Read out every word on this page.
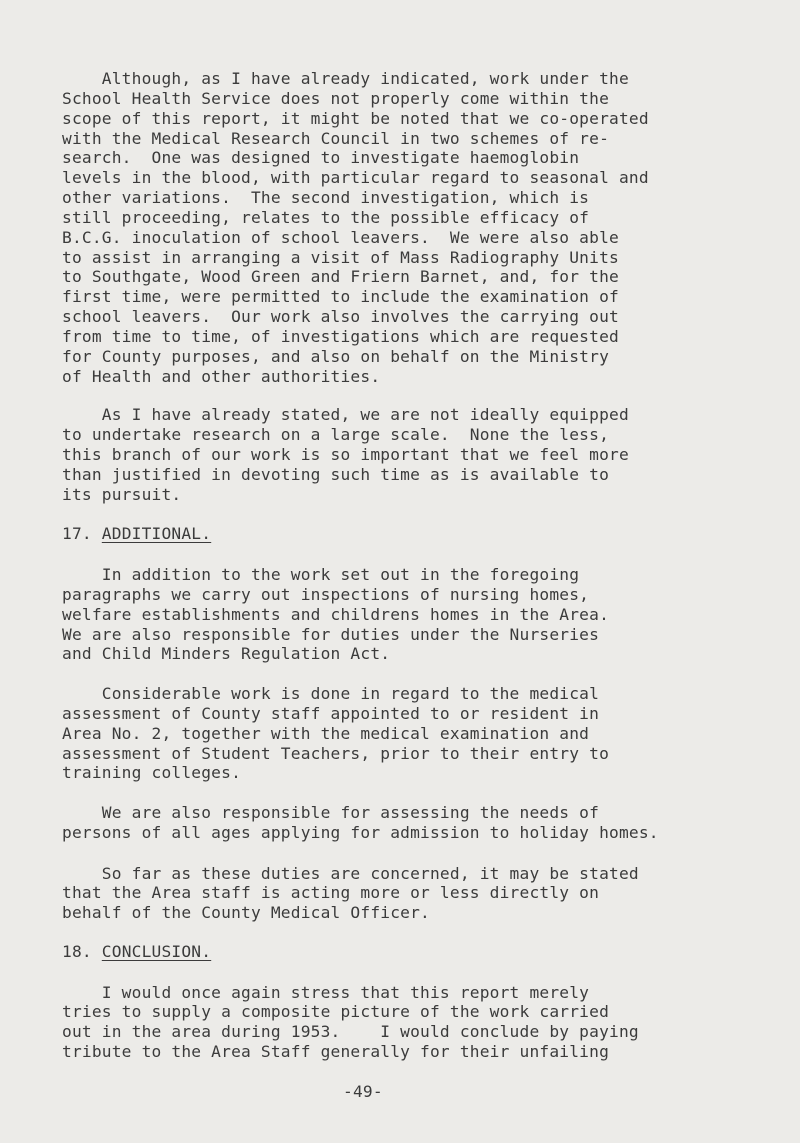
Although, as I have already indicated, work under the
School Health Service does not properly come within the
scope of this report, it might be noted that we co-operated
with the Medical Research Council in two schemes of re-
search.  One was designed to investigate haemoglobin
levels in the blood, with particular regard to seasonal and
other variations.  The second investigation, which is
still proceeding, relates to the possible efficacy of
B.C.G. inoculation of school leavers.  We were also able
to assist in arranging a visit of Mass Radiography Units
to Southgate, Wood Green and Friern Barnet, and, for the
first time, were permitted to include the examination of
school leavers.  Our work also involves the carrying out
from time to time, of investigations which are requested
for County purposes, and also on behalf on the Ministry
of Health and other authorities.
As I have already stated, we are not ideally equipped
to undertake research on a large scale.  None the less,
this branch of our work is so important that we feel more
than justified in devoting such time as is available to
its pursuit.
17. ADDITIONAL.
In addition to the work set out in the foregoing
paragraphs we carry out inspections of nursing homes,
welfare establishments and childrens homes in the Area.
We are also responsible for duties under the Nurseries
and Child Minders Regulation Act.
Considerable work is done in regard to the medical
assessment of County staff appointed to or resident in
Area No. 2, together with the medical examination and
assessment of Student Teachers, prior to their entry to
training colleges.
We are also responsible for assessing the needs of
persons of all ages applying for admission to holiday homes.
So far as these duties are concerned, it may be stated
that the Area staff is acting more or less directly on
behalf of the County Medical Officer.
18. CONCLUSION.
I would once again stress that this report merely
tries to supply a composite picture of the work carried
out in the area during 1953.    I would conclude by paying
tribute to the Area Staff generally for their unfailing
-49-
